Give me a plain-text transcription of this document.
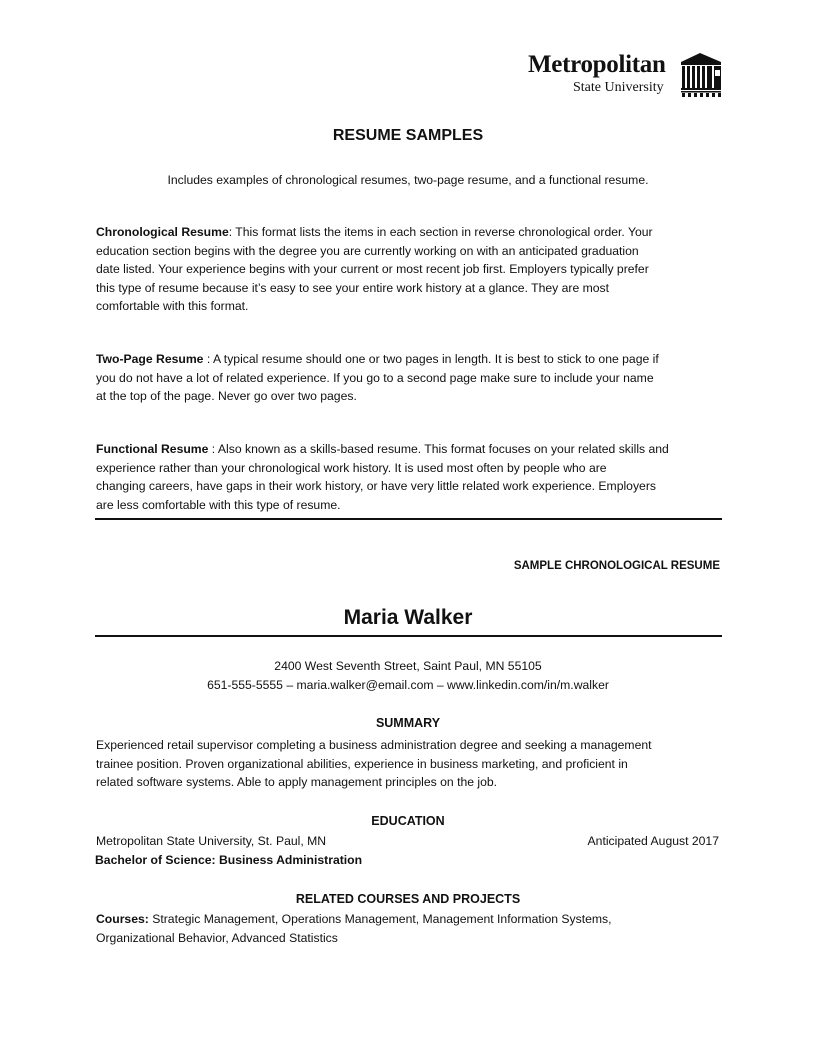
Metropolitan
State University
RESUME SAMPLES
Includes examples of chronological resumes, two-page resume, and a functional resume.
Chronological Resume: This format lists the items in each section in reverse chronological order. Your
education section begins with the degree you are currently working on with an anticipated graduation
date listed. Your experience begins with your current or most recent job first. Employers typically prefer
this type of resume because it’s easy to see your entire work history at a glance. They are most
comfortable with this format.
Two-Page Resume : A typical resume should one or two pages in length. It is best to stick to one page if
you do not have a lot of related experience. If you go to a second page make sure to include your name
at the top of the page. Never go over two pages.
Functional Resume : Also known as a skills-based resume. This format focuses on your related skills and
experience rather than your chronological work history. It is used most often by people who are
changing careers, have gaps in their work history, or have very little related work experience. Employers
are less comfortable with this type of resume.
SAMPLE CHRONOLOGICAL RESUME
Maria Walker
2400 West Seventh Street, Saint Paul, MN 55105
651-555-5555 – maria.walker@email.com – www.linkedin.com/in/m.walker
SUMMARY
Experienced retail supervisor completing a business administration degree and seeking a management
trainee position. Proven organizational abilities, experience in business marketing, and proficient in
related software systems. Able to apply management principles on the job.
EDUCATION
Metropolitan State University, St. Paul, MN	Anticipated August 2017
Bachelor of Science: Business Administration
RELATED COURSES AND PROJECTS
Courses: Strategic Management, Operations Management, Management Information Systems,
Organizational Behavior, Advanced Statistics
